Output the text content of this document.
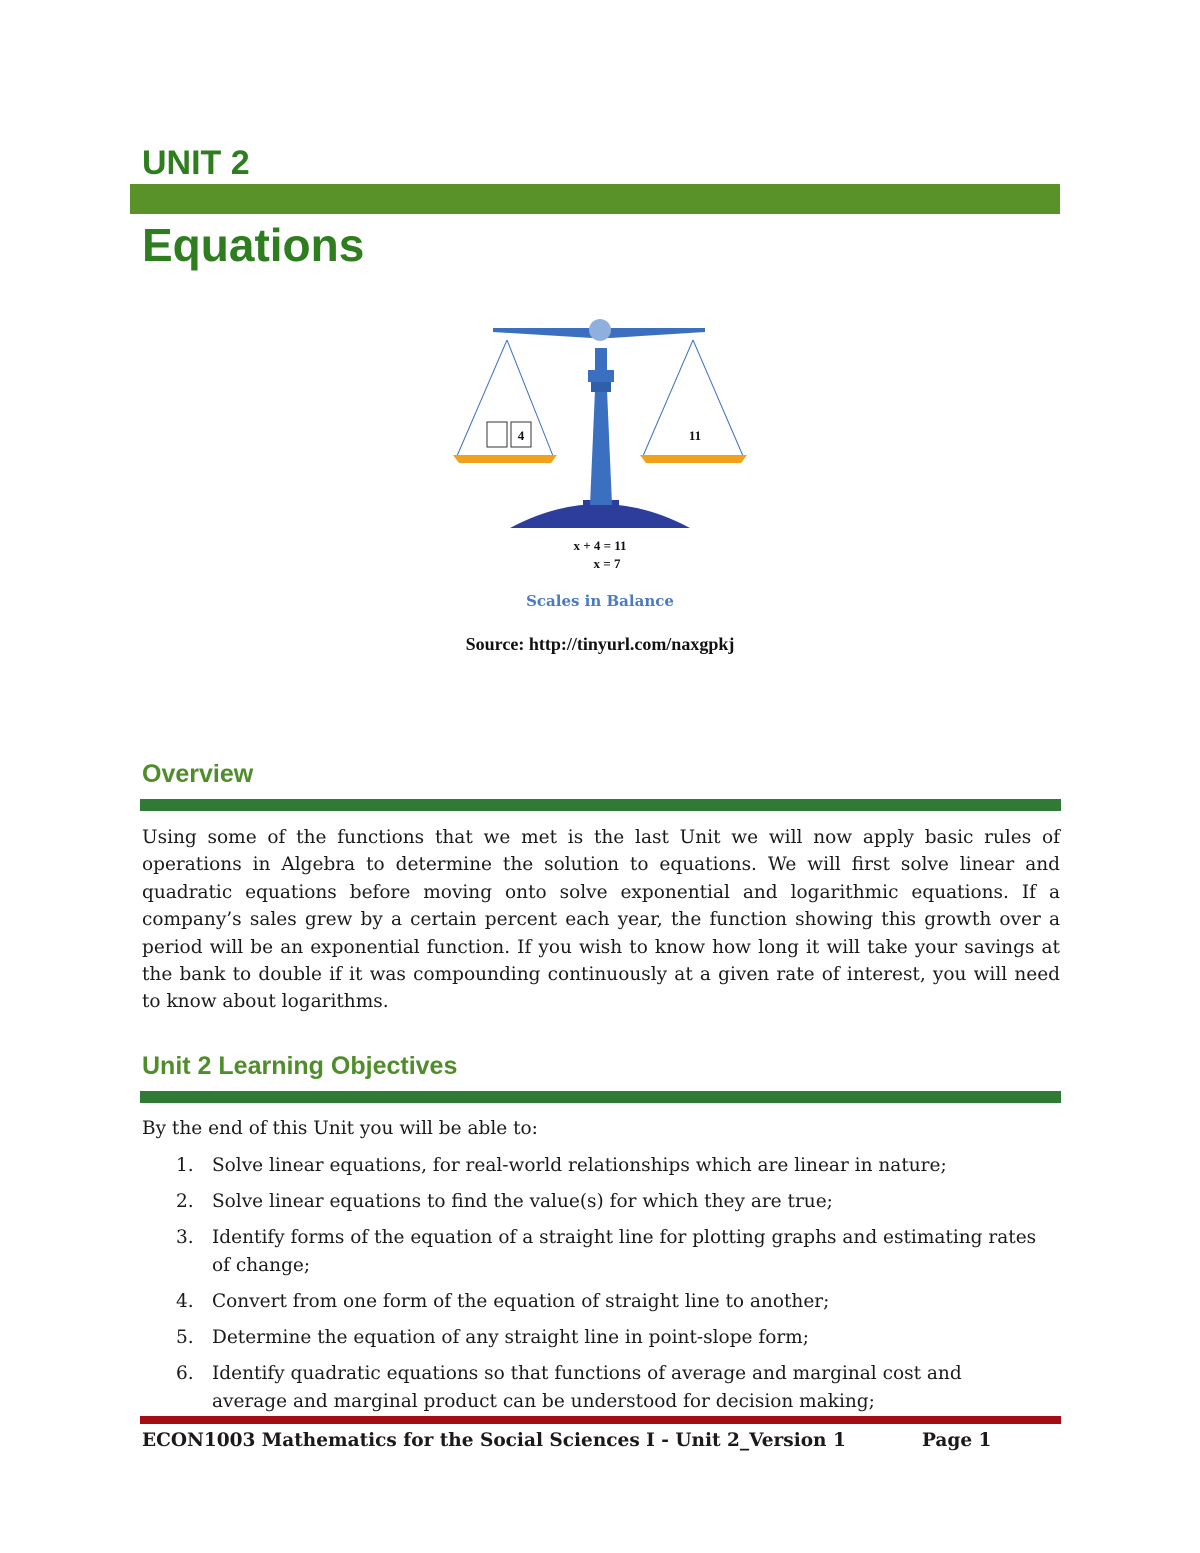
UNIT 2
Equations
4	11
x + 4 = 11
x = 7
Scales in Balance
Source: http://tinyurl.com/naxgpkj
Overview

Using some of the functions that we met is the last Unit we will now apply basic rules of operations in Algebra to determine the solution to equations. We will first solve linear and quadratic equations before moving onto solve exponential and logarithmic equations. If a company’s sales grew by a certain percent each year, the function showing this growth over a period will be an exponential function. If you wish to know how long it will take your savings at the bank to double if it was compounding continuously at a given rate of interest, you will need to know about logarithms.

Unit 2 Learning Objectives

By the end of this Unit you will be able to:

1. Solve linear equations, for real-world relationships which are linear in nature;
2. Solve linear equations to find the value(s) for which they are true;
3. Identify forms of the equation of a straight line for plotting graphs and estimating rates of change;
4. Convert from one form of the equation of straight line to another;
5. Determine the equation of any straight line in point-slope form;
6. Identify quadratic equations so that functions of average and marginal cost and average and marginal product can be understood for decision making;

ECON1003 Mathematics for the Social Sciences I - Unit 2_Version 1	Page 1
